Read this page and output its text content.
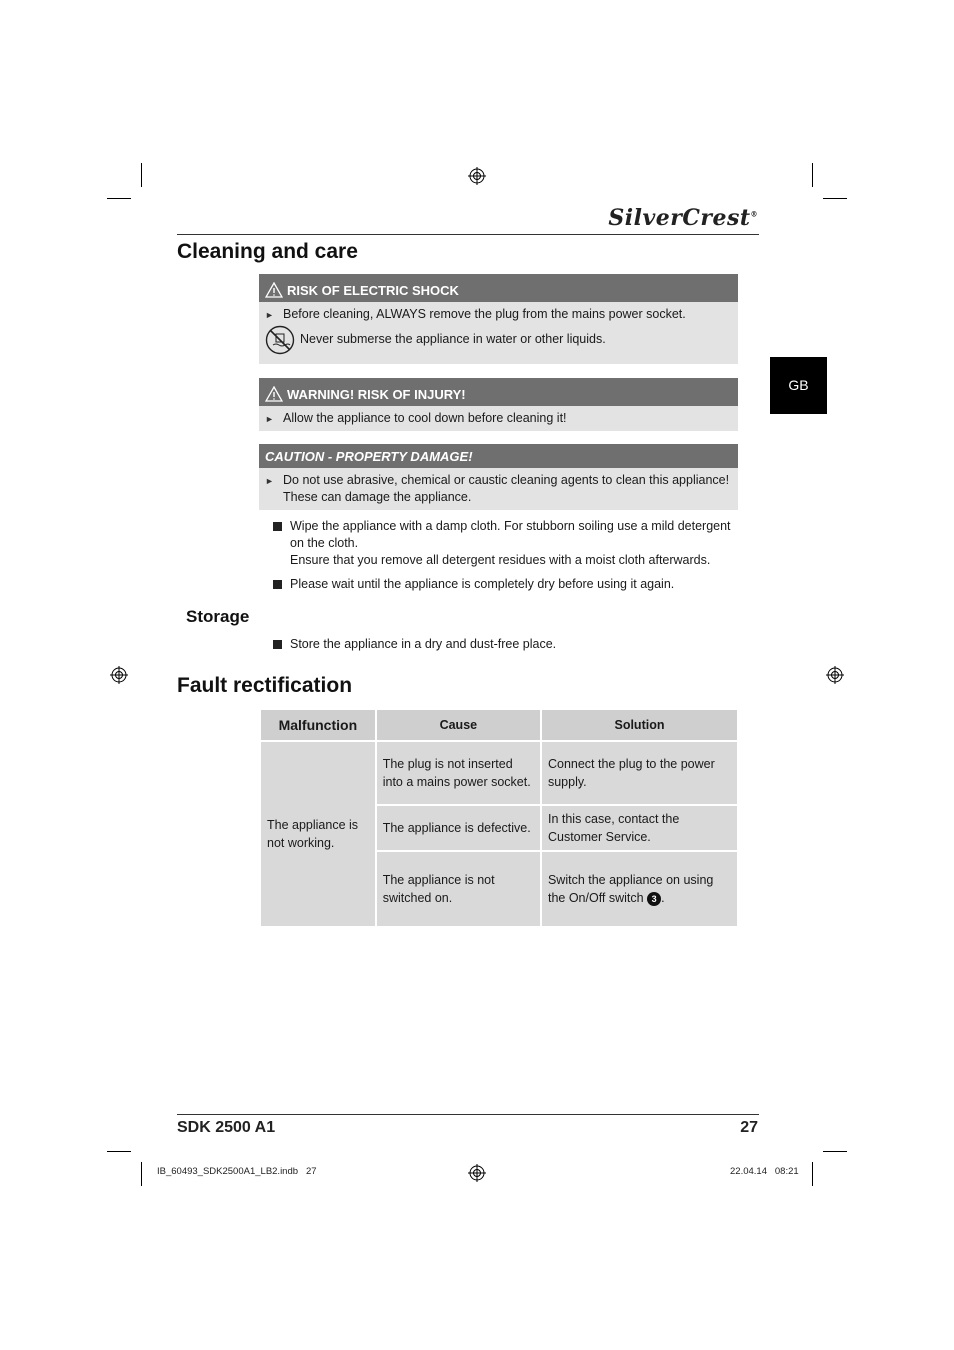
SilverCrest®
GB
Cleaning and care
RISK OF ELECTRIC SHOCK
► Before cleaning, ALWAYS remove the plug from the mains power socket.
Never submerse the appliance in water or other liquids.
WARNING! RISK OF INJURY!
► Allow the appliance to cool down before cleaning it!
CAUTION - PROPERTY DAMAGE!
► Do not use abrasive, chemical or caustic cleaning agents to clean this appliance! These can damage the appliance.
Wipe the appliance with a damp cloth. For stubborn soiling use a mild detergent on the cloth.
Ensure that you remove all detergent residues with a moist cloth afterwards.
Please wait until the appliance is completely dry before using it again.
Storage
Store the appliance in a dry and dust-free place.
Fault rectification
Malfunction	Cause	Solution
The appliance is not working.	The plug is not inserted into a mains power socket.	Connect the plug to the power supply.
	The appliance is defective.	In this case, contact the Customer Service.
	The appliance is not switched on.	Switch the appliance on using the On/Off switch 3 .
SDK 2500 A1	27
IB_60493_SDK2500A1_LB2.indb   27	22.04.14   08:21
